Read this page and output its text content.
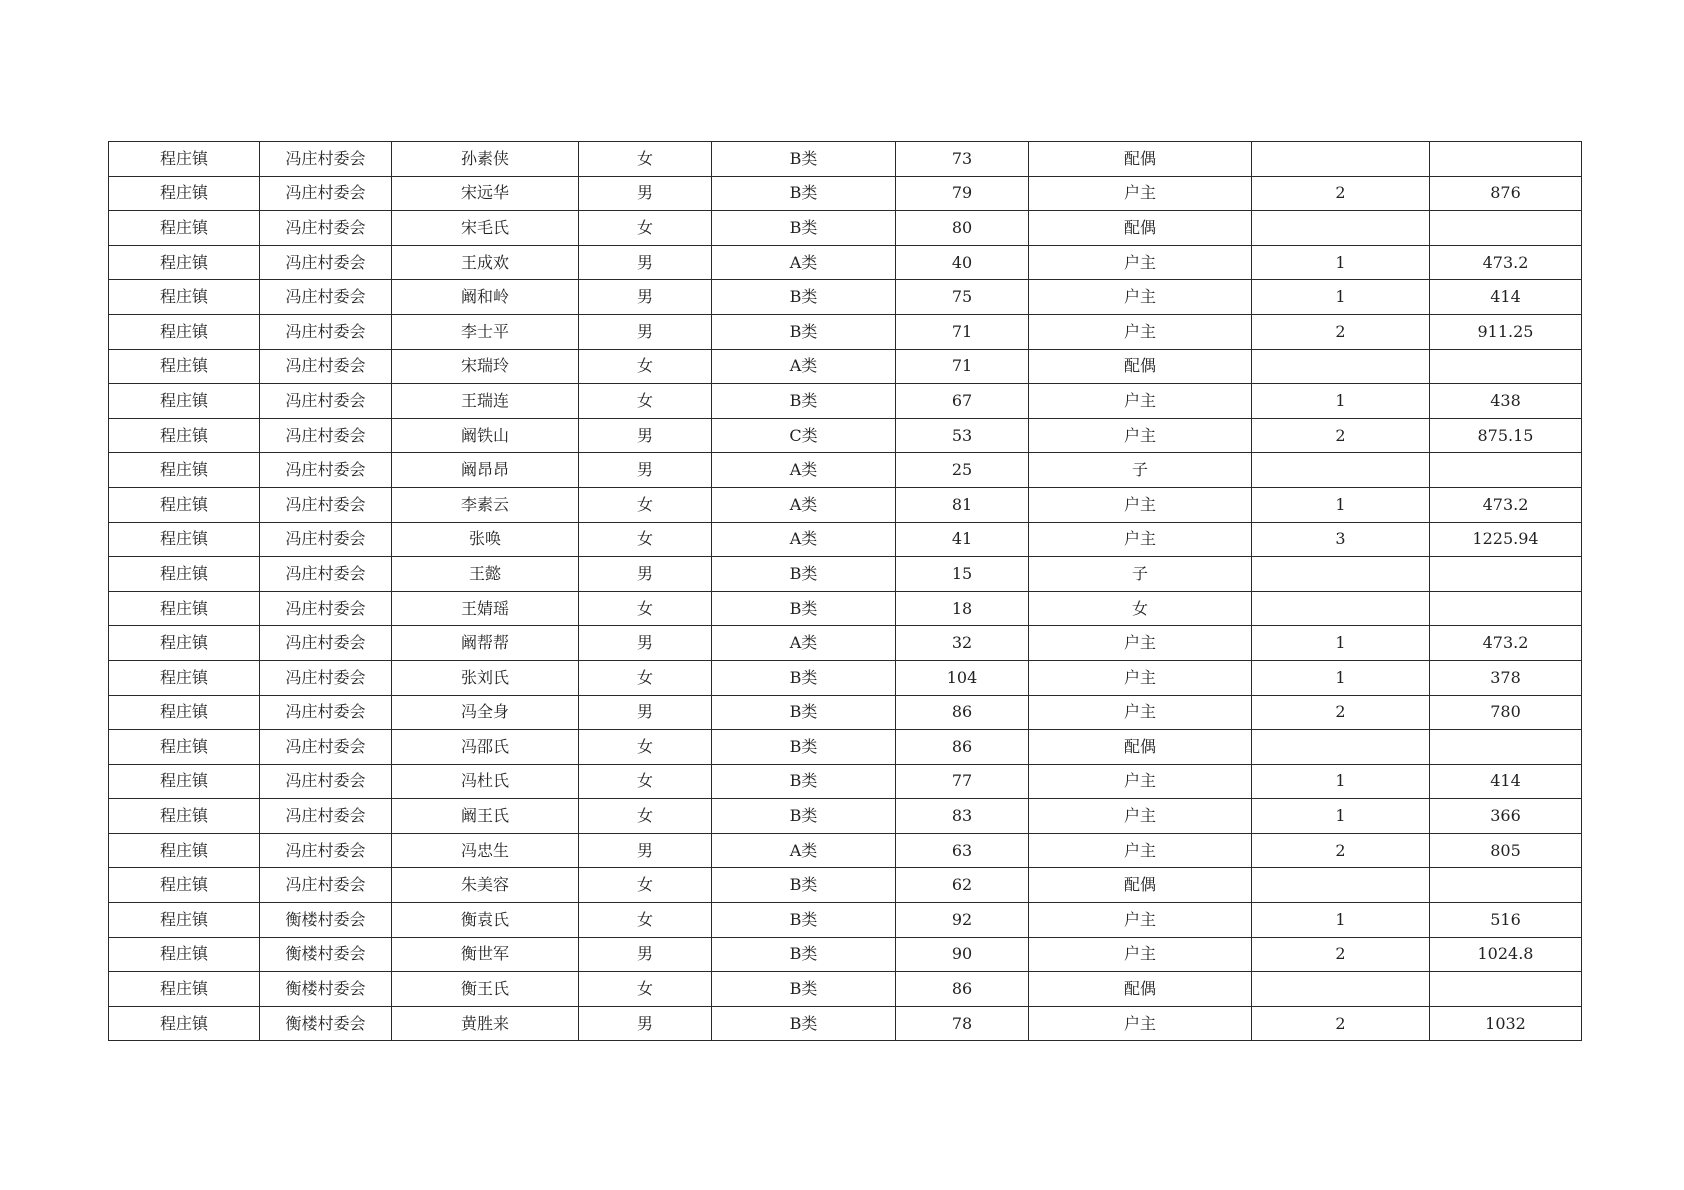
程庄镇	冯庄村委会	孙素侠	女	B类	73	配偶		
程庄镇	冯庄村委会	宋远华	男	B类	79	户主	2	876
程庄镇	冯庄村委会	宋毛氏	女	B类	80	配偶		
程庄镇	冯庄村委会	王成欢	男	A类	40	户主	1	473.2
程庄镇	冯庄村委会	阚和岭	男	B类	75	户主	1	414
程庄镇	冯庄村委会	李士平	男	B类	71	户主	2	911.25
程庄镇	冯庄村委会	宋瑞玲	女	A类	71	配偶		
程庄镇	冯庄村委会	王瑞连	女	B类	67	户主	1	438
程庄镇	冯庄村委会	阚铁山	男	C类	53	户主	2	875.15
程庄镇	冯庄村委会	阚昂昂	男	A类	25	子		
程庄镇	冯庄村委会	李素云	女	A类	81	户主	1	473.2
程庄镇	冯庄村委会	张唤	女	A类	41	户主	3	1225.94
程庄镇	冯庄村委会	王懿	男	B类	15	子		
程庄镇	冯庄村委会	王婧瑶	女	B类	18	女		
程庄镇	冯庄村委会	阚帮帮	男	A类	32	户主	1	473.2
程庄镇	冯庄村委会	张刘氏	女	B类	104	户主	1	378
程庄镇	冯庄村委会	冯全身	男	B类	86	户主	2	780
程庄镇	冯庄村委会	冯邵氏	女	B类	86	配偶		
程庄镇	冯庄村委会	冯杜氏	女	B类	77	户主	1	414
程庄镇	冯庄村委会	阚王氏	女	B类	83	户主	1	366
程庄镇	冯庄村委会	冯忠生	男	A类	63	户主	2	805
程庄镇	冯庄村委会	朱美容	女	B类	62	配偶		
程庄镇	衡楼村委会	衡袁氏	女	B类	92	户主	1	516
程庄镇	衡楼村委会	衡世军	男	B类	90	户主	2	1024.8
程庄镇	衡楼村委会	衡王氏	女	B类	86	配偶		
程庄镇	衡楼村委会	黄胜来	男	B类	78	户主	2	1032
